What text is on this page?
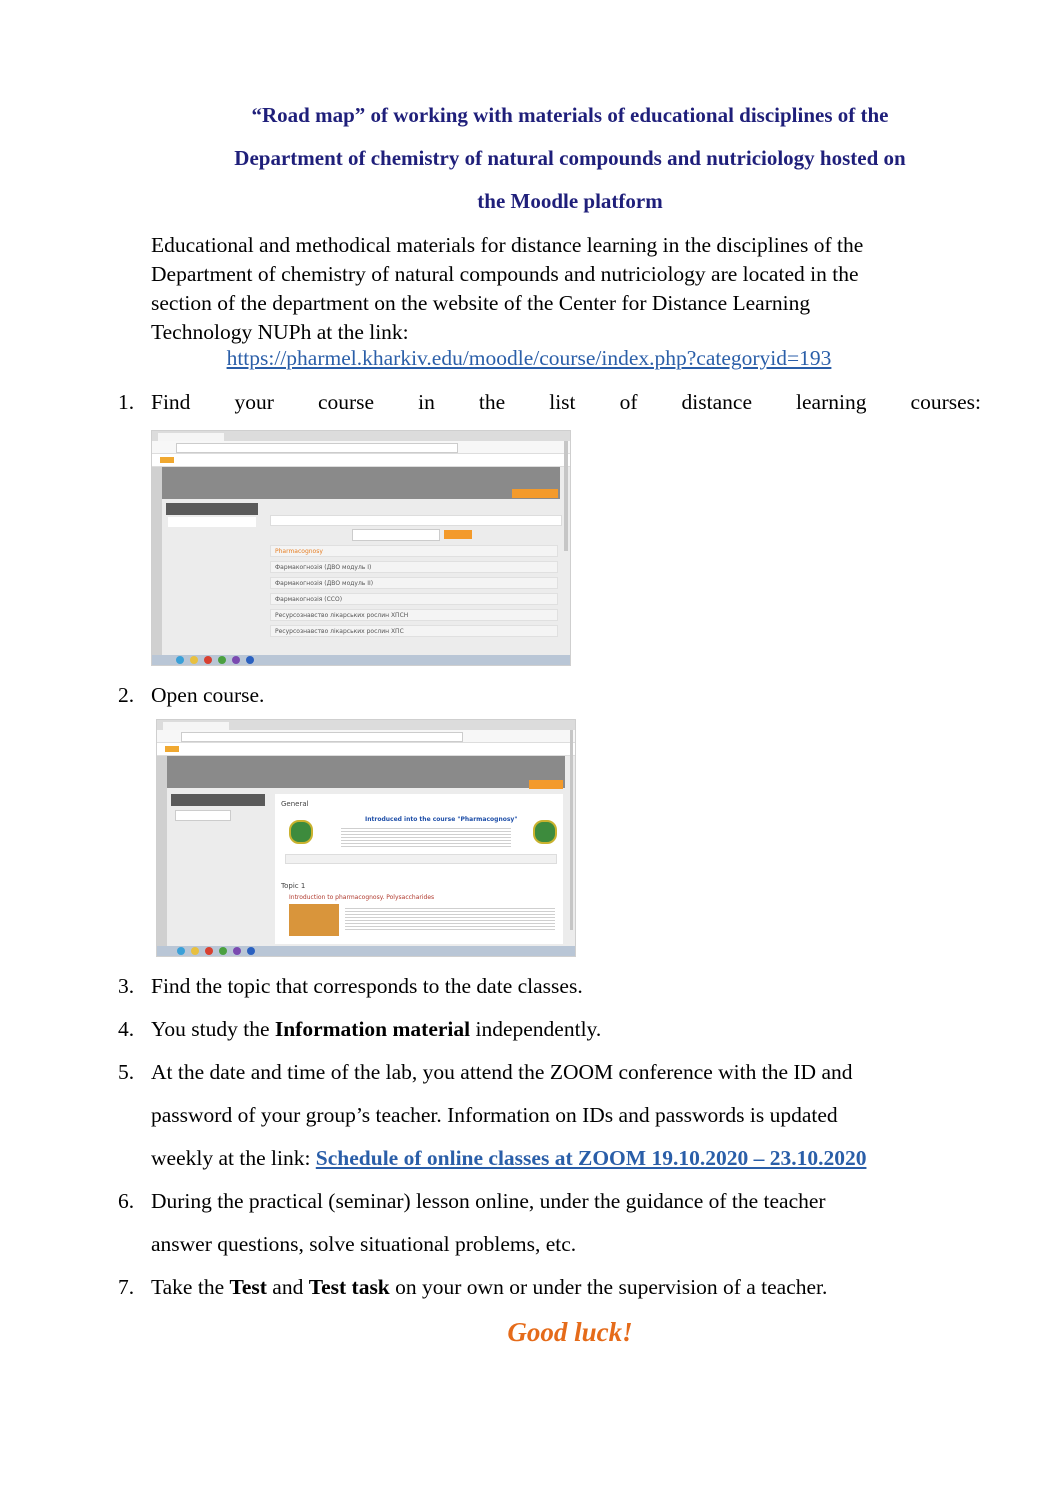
“Road map” of working with materials of educational disciplines of the
Department of chemistry of natural compounds and nutriciology hosted on
the Moodle platform
Educational and methodical materials for distance learning in the disciplines of the
Department of chemistry of natural compounds and nutriciology are located in the
section of the department on the website of the Center for Distance Learning
Technology NUPh at the link:
https://pharmel.kharkiv.edu/moodle/course/index.php?categoryid=193
1. Find your course in the list of distance learning courses:
Pharmacognosy
Фармакогнозія (ДВО модуль I)
Фармакогнозія (ДВО модуль II)
Фармакогнозія (ССО)
Ресурсознавство лікарських рослин ХПСН
Ресурсознавство лікарських рослин ХПС
2. Open course.
General
Introduced into the course "Pharmacognosy"
Topic 1
Introduction to pharmacognosy. Polysaccharides
3. Find the topic that corresponds to the date classes.
4. You study the Information material independently.
5. At the date and time of the lab, you attend the ZOOM conference with the ID and
password of your group’s teacher. Information on IDs and passwords is updated
weekly at the link: Schedule of online classes at ZOOM 19.10.2020 – 23.10.2020
6. During the practical (seminar) lesson online, under the guidance of the teacher
answer questions, solve situational problems, etc.
7. Take the Test and Test task on your own or under the supervision of a teacher.
Good luck!
